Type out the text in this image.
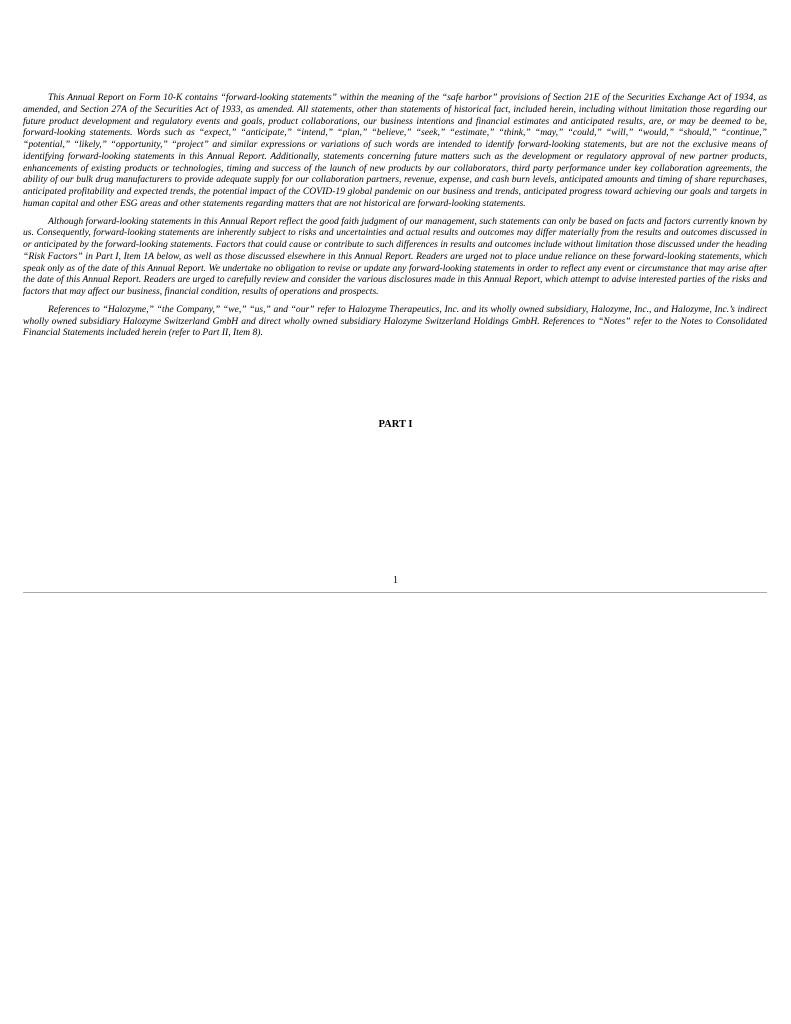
This Annual Report on Form 10-K contains “forward-looking statements” within the meaning of the “safe harbor” provisions of Section 21E of the Securities Exchange Act of 1934, as amended, and Section 27A of the Securities Act of 1933, as amended. All statements, other than statements of historical fact, included herein, including without limitation those regarding our future product development and regulatory events and goals, product collaborations, our business intentions and financial estimates and anticipated results, are, or may be deemed to be, forward-looking statements. Words such as “expect,” “anticipate,” “intend,” “plan,” “believe,” “seek,” “estimate,” “think,” “may,” “could,” “will,” “would,” “should,” “continue,” “potential,” “likely,” “opportunity,” “project” and similar expressions or variations of such words are intended to identify forward-looking statements, but are not the exclusive means of identifying forward-looking statements in this Annual Report. Additionally, statements concerning future matters such as the development or regulatory approval of new partner products, enhancements of existing products or technologies, timing and success of the launch of new products by our collaborators, third party performance under key collaboration agreements, the ability of our bulk drug manufacturers to provide adequate supply for our collaboration partners, revenue, expense, and cash burn levels, anticipated amounts and timing of share repurchases, anticipated profitability and expected trends, the potential impact of the COVID-19 global pandemic on our business and trends, anticipated progress toward achieving our goals and targets in human capital and other ESG areas and other statements regarding matters that are not historical are forward-looking statements.

Although forward-looking statements in this Annual Report reflect the good faith judgment of our management, such statements can only be based on facts and factors currently known by us. Consequently, forward-looking statements are inherently subject to risks and uncertainties and actual results and outcomes may differ materially from the results and outcomes discussed in or anticipated by the forward-looking statements. Factors that could cause or contribute to such differences in results and outcomes include without limitation those discussed under the heading “Risk Factors” in Part I, Item 1A below, as well as those discussed elsewhere in this Annual Report. Readers are urged not to place undue reliance on these forward-looking statements, which speak only as of the date of this Annual Report. We undertake no obligation to revise or update any forward-looking statements in order to reflect any event or circumstance that may arise after the date of this Annual Report. Readers are urged to carefully review and consider the various disclosures made in this Annual Report, which attempt to advise interested parties of the risks and factors that may affect our business, financial condition, results of operations and prospects.

References to “Halozyme,” “the Company,” “we,” “us,” and “our” refer to Halozyme Therapeutics, Inc. and its wholly owned subsidiary, Halozyme, Inc., and Halozyme, Inc.’s indirect wholly owned subsidiary Halozyme Switzerland GmbH and direct wholly owned subsidiary Halozyme Switzerland Holdings GmbH. References to “Notes” refer to the Notes to Consolidated Financial Statements included herein (refer to Part II, Item 8).

PART I
1
